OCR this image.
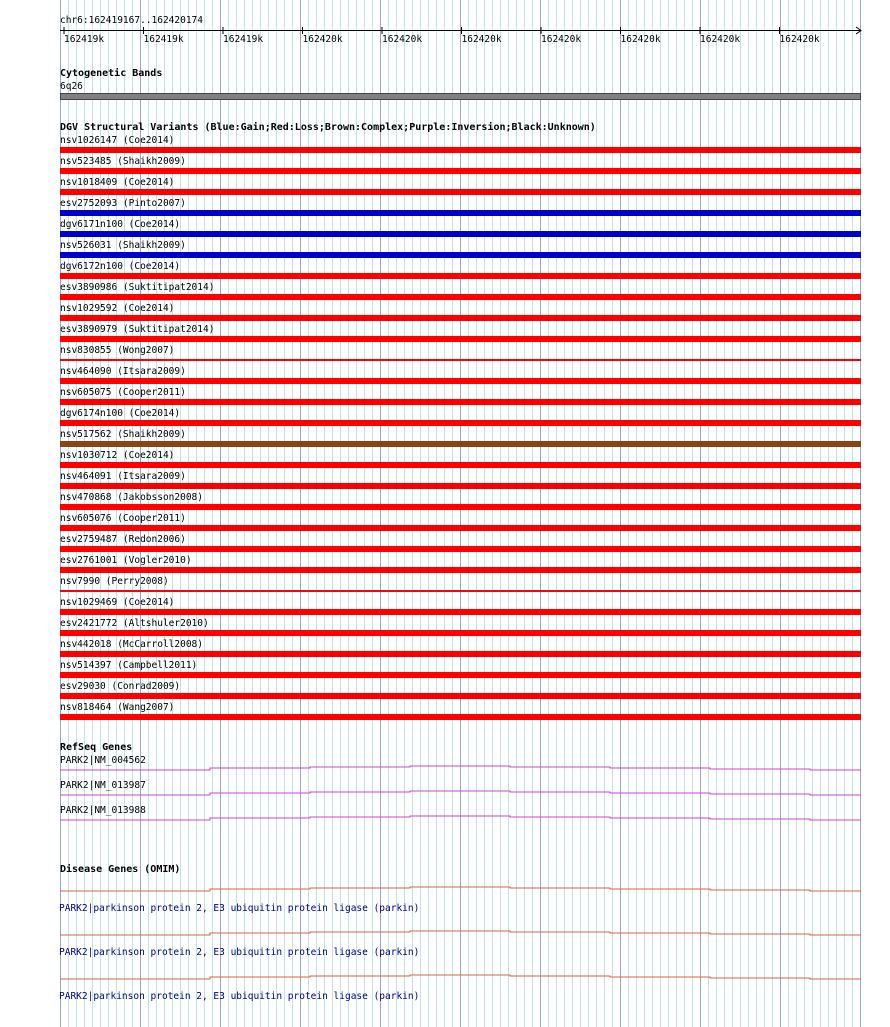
chr6:162419167..162420174
162419k	162419k	162419k	162420k	162420k	162420k	162420k	162420k	162420k	162420k
Cytogenetic Bands
6q26
DGV Structural Variants (Blue:Gain;Red:Loss;Brown:Complex;Purple:Inversion;Black:Unknown)
nsv1026147 (Coe2014)
nsv523485 (Shaikh2009)
nsv1018409 (Coe2014)
esv2752093 (Pinto2007)
dgv6171n100 (Coe2014)
nsv526031 (Shaikh2009)
dgv6172n100 (Coe2014)
esv3890986 (Suktitipat2014)
nsv1029592 (Coe2014)
esv3890979 (Suktitipat2014)
nsv830855 (Wong2007)
nsv464090 (Itsara2009)
nsv605075 (Cooper2011)
dgv6174n100 (Coe2014)
nsv517562 (Shaikh2009)
nsv1030712 (Coe2014)
nsv464091 (Itsara2009)
nsv470868 (Jakobsson2008)
nsv605076 (Cooper2011)
esv2759487 (Redon2006)
esv2761001 (Vogler2010)
nsv7990 (Perry2008)
nsv1029469 (Coe2014)
esv2421772 (Altshuler2010)
nsv442018 (McCarroll2008)
nsv514397 (Campbell2011)
esv29030 (Conrad2009)
nsv818464 (Wang2007)
RefSeq Genes
PARK2|NM_004562
PARK2|NM_013987
PARK2|NM_013988
Disease Genes (OMIM)
PARK2|parkinson protein 2, E3 ubiquitin protein ligase (parkin)
PARK2|parkinson protein 2, E3 ubiquitin protein ligase (parkin)
PARK2|parkinson protein 2, E3 ubiquitin protein ligase (parkin)
